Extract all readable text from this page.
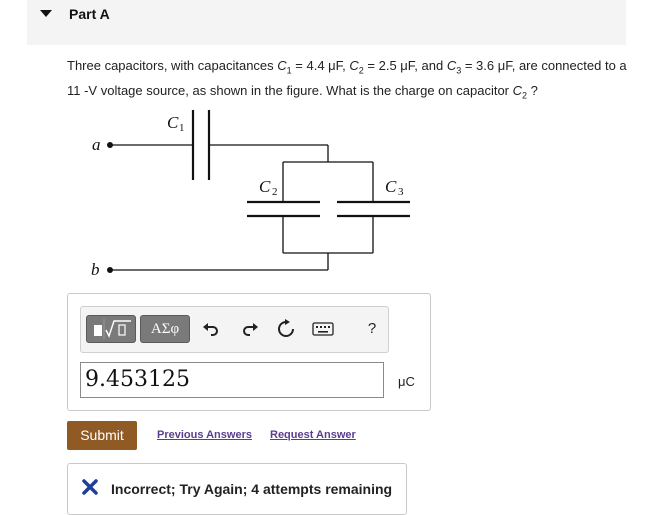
Part A
Three capacitors, with capacitances $C_1 = 4.4$ μF, $C_2 = 2.5$ μF, and $C_3 = 3.6$ μF, are connected to a 11 -V voltage source, as shown in the figure. What is the charge on capacitor $C_2$ ?
a
b
C
C	C
1
2	3
ΑΣφ	?
9.453125	μC
Submit	Previous Answers Request Answer
Incorrect; Try Again; 4 attempts remaining
